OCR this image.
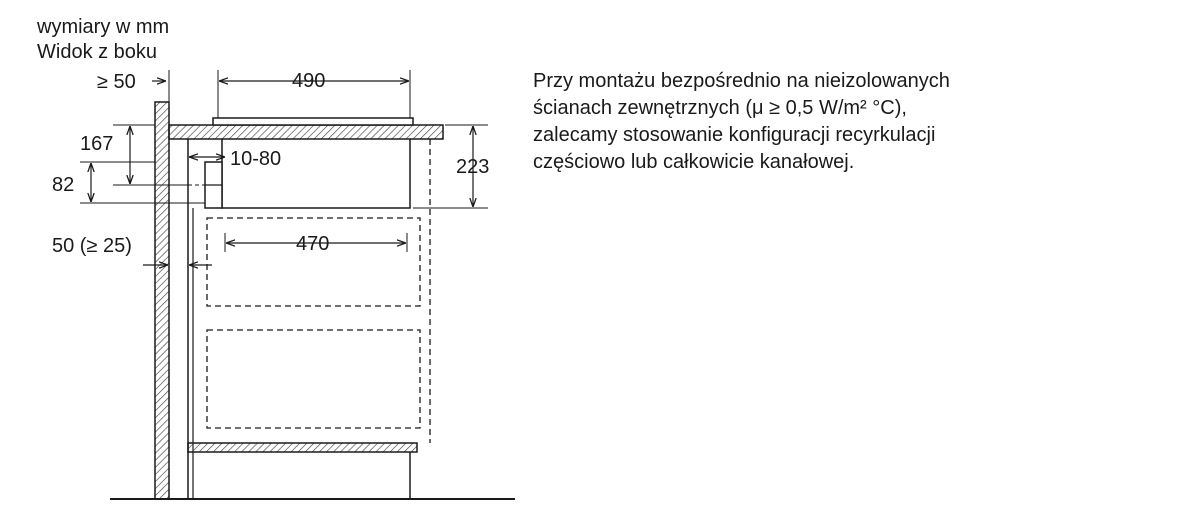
wymiary w mm
Widok z boku
≥ 50	490
167
82
10-80	223
470
50 (≥ 25)

Przy montażu bezpośrednio na nieizolowanych
ścianach zewnętrznych (μ ≥ 0,5 W/m² °C),
zalecamy stosowanie konfiguracji recyrkulacji
częściowo lub całkowicie kanałowej.
